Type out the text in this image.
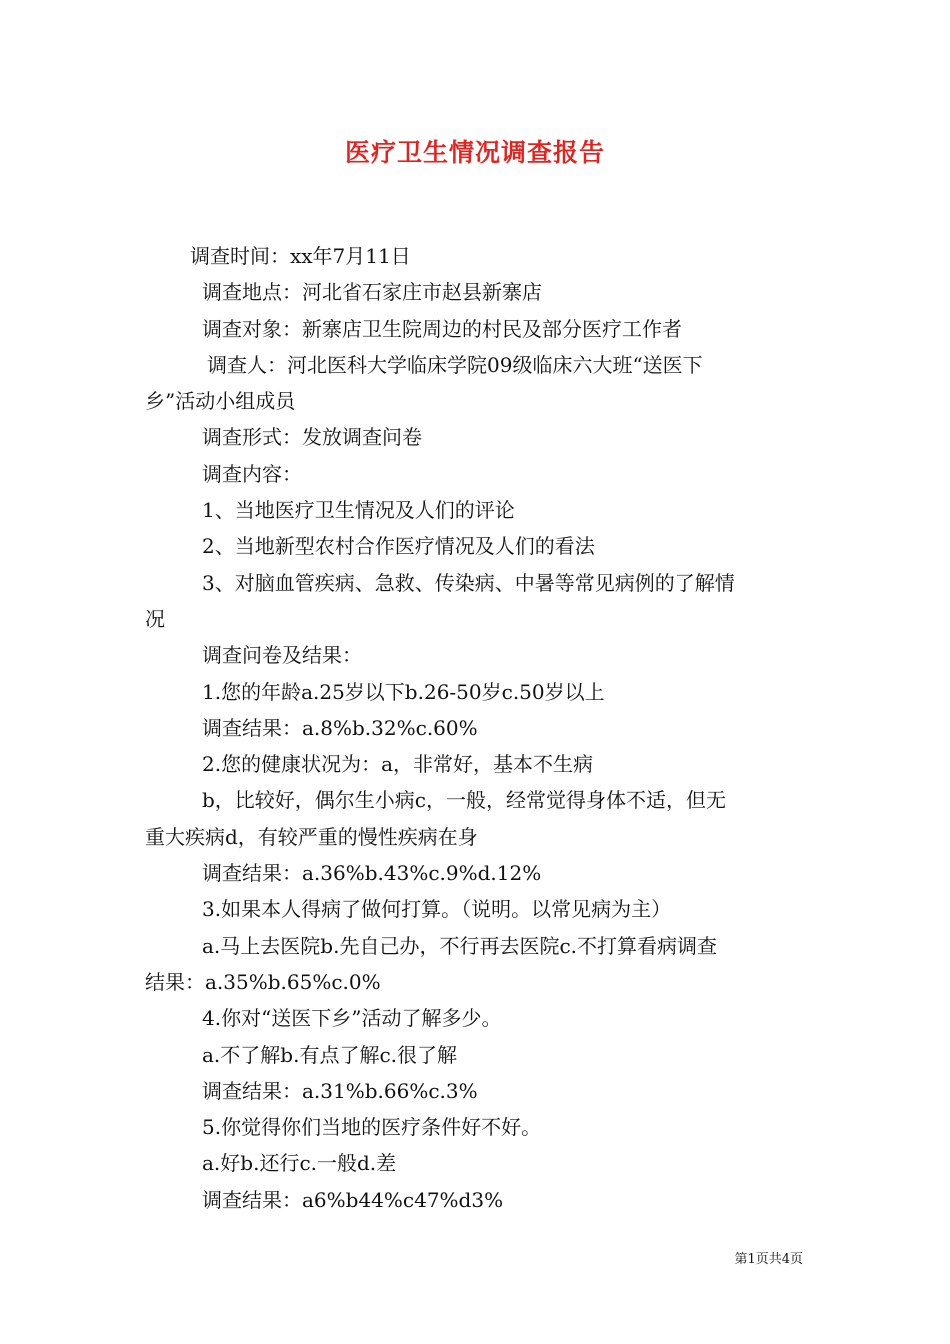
医疗卫生情况调查报告
调查时间：xx年7月11日
调查地点：河北省石家庄市赵县新寨店
调查对象：新寨店卫生院周边的村民及部分医疗工作者
调查人：河北医科大学临床学院09级临床六大班“送医下
乡”活动小组成员
调查形式：发放调查问卷
调查内容：
1、当地医疗卫生情况及人们的评论
2、当地新型农村合作医疗情况及人们的看法
3、对脑血管疾病、急救、传染病、中暑等常见病例的了解情
况
调查问卷及结果：
1.您的年龄a.25岁以下b.26-50岁c.50岁以上
调查结果：a.8%b.32%c.60%
2.您的健康状况为：a，非常好，基本不生病
b，比较好，偶尔生小病c，一般，经常觉得身体不适，但无
重大疾病d，有较严重的慢性疾病在身
调查结果：a.36%b.43%c.9%d.12%
3.如果本人得病了做何打算。（说明。以常见病为主）
a.马上去医院b.先自己办，不行再去医院c.不打算看病调查
结果：a.35%b.65%c.0%
4.你对“送医下乡”活动了解多少。
a.不了解b.有点了解c.很了解
调查结果：a.31%b.66%c.3%
5.你觉得你们当地的医疗条件好不好。
a.好b.还行c.一般d.差
调查结果：a6%b44%c47%d3%
第1页共4页
